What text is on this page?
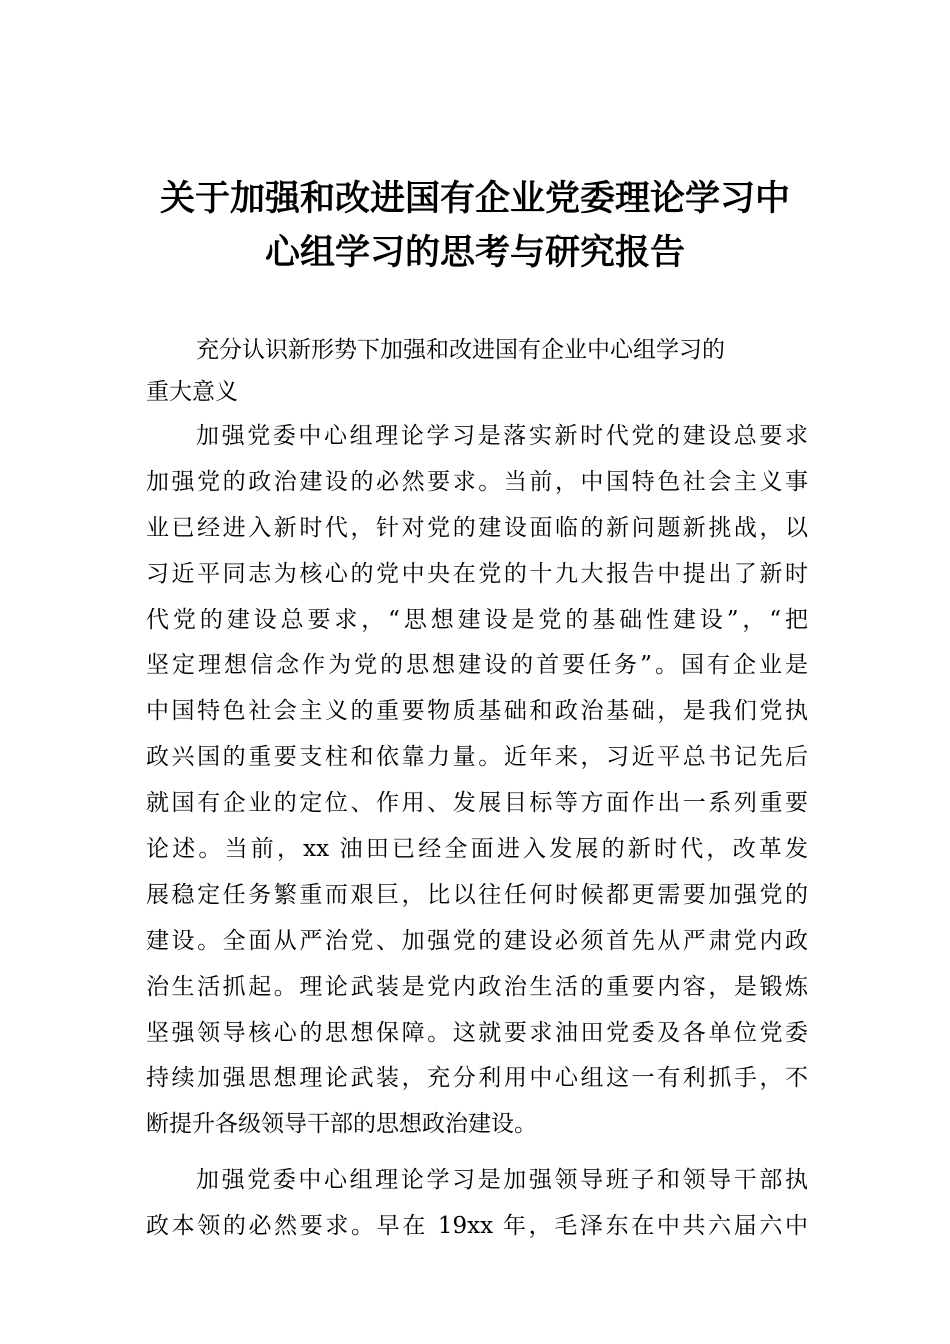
关于加强和改进国有企业党委理论学习中
心组学习的思考与研究报告
充分认识新形势下加强和改进国有企业中心组学习的
重大意义
加强党委中心组理论学习是落实新时代党的建设总要求
加强党的政治建设的必然要求。当前，中国特色社会主义事
业已经进入新时代，针对党的建设面临的新问题新挑战，以
习近平同志为核心的党中央在党的十九大报告中提出了新时
代党的建设总要求，“思想建设是党的基础性建设”，“把
坚定理想信念作为党的思想建设的首要任务”。国有企业是
中国特色社会主义的重要物质基础和政治基础，是我们党执
政兴国的重要支柱和依靠力量。近年来，习近平总书记先后
就国有企业的定位、作用、发展目标等方面作出一系列重要
论述。当前，xx 油田已经全面进入发展的新时代，改革发
展稳定任务繁重而艰巨，比以往任何时候都更需要加强党的
建设。全面从严治党、加强党的建设必须首先从严肃党内政
治生活抓起。理论武装是党内政治生活的重要内容，是锻炼
坚强领导核心的思想保障。这就要求油田党委及各单位党委
持续加强思想理论武装，充分利用中心组这一有利抓手，不
断提升各级领导干部的思想政治建设。
加强党委中心组理论学习是加强领导班子和领导干部执
政本领的必然要求。早在 19xx 年，毛泽东在中共六届六中
